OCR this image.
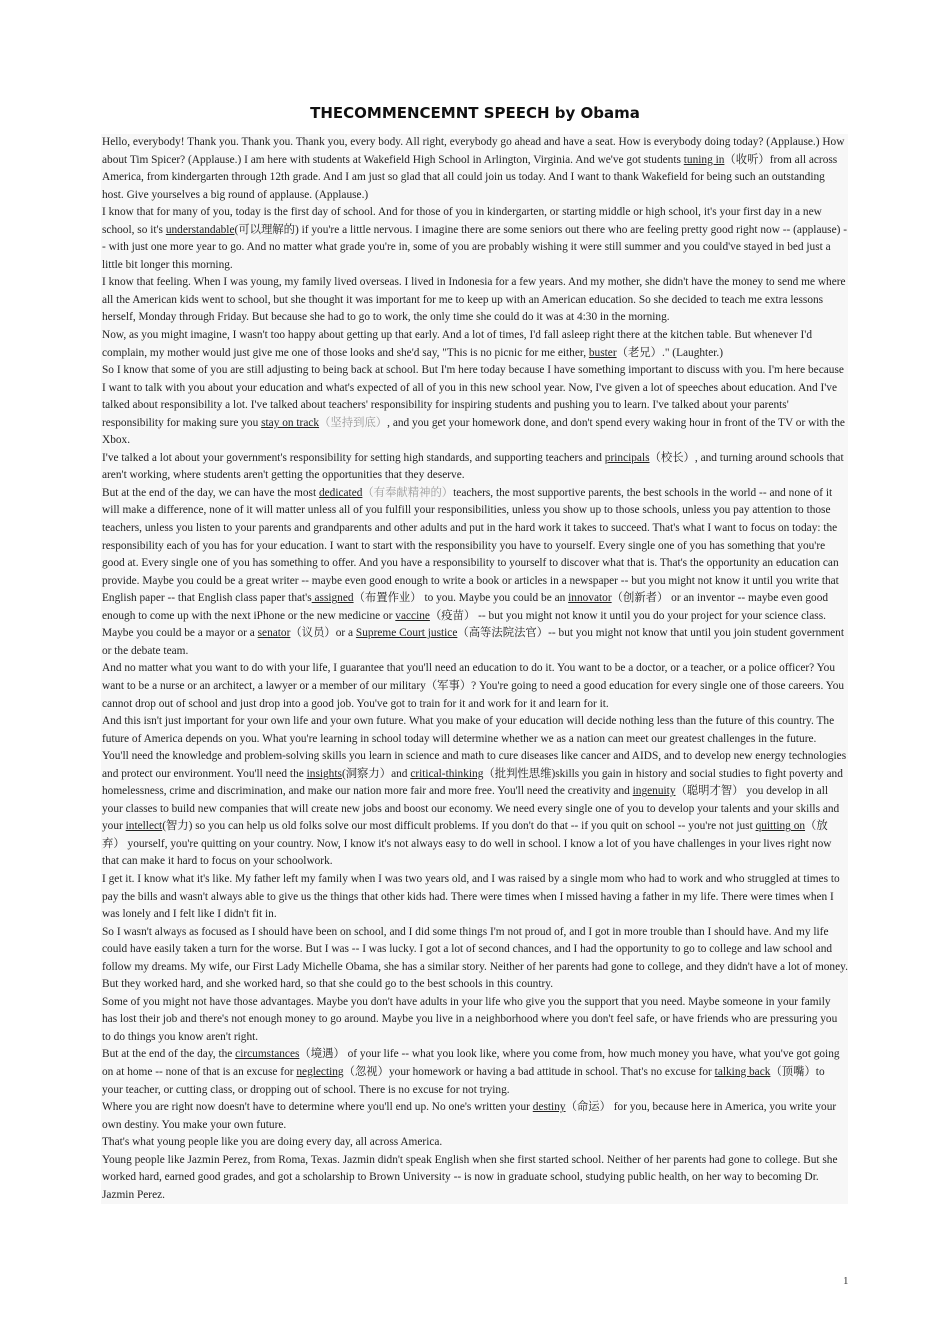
THECOMMENCEMNT SPEECH by Obama

Hello, everybody! Thank you. Thank you. Thank you, every body. All right, everybody go ahead and have a seat. How is everybody doing today? (Applause.) How about Tim Spicer? (Applause.) I am here with students at Wakefield High School in Arlington, Virginia. And we've got students tuning in（收听）from all across America, from kindergarten through 12th grade. And I am just so glad that all could join us today. And I want to thank Wakefield for being such an outstanding host. Give yourselves a big round of applause. (Applause.)

I know that for many of you, today is the first day of school. And for those of you in kindergarten, or starting middle or high school, it's your first day in a new school, so it's understandable(可以理解的) if you're a little nervous. I imagine there are some seniors out there who are feeling pretty good right now -- (applause) -- with just one more year to go. And no matter what grade you're in, some of you are probably wishing it were still summer and you could've stayed in bed just a little bit longer this morning.

I know that feeling. When I was young, my family lived overseas. I lived in Indonesia for a few years. And my mother, she didn't have the money to send me where all the American kids went to school, but she thought it was important for me to keep up with an American education. So she decided to teach me extra lessons herself, Monday through Friday. But because she had to go to work, the only time she could do it was at 4:30 in the morning.

Now, as you might imagine, I wasn't too happy about getting up that early. And a lot of times, I'd fall asleep right there at the kitchen table. But whenever I'd complain, my mother would just give me one of those looks and she'd say, "This is no picnic for me either, buster（老兄）." (Laughter.)

So I know that some of you are still adjusting to being back at school. But I'm here today because I have something important to discuss with you. I'm here because I want to talk with you about your education and what's expected of all of you in this new school year. Now, I've given a lot of speeches about education. And I've talked about responsibility a lot. I've talked about teachers' responsibility for inspiring students and pushing you to learn. I've talked about your parents' responsibility for making sure you stay on track（坚持到底）, and you get your homework done, and don't spend every waking hour in front of the TV or with the Xbox.

I've talked a lot about your government's responsibility for setting high standards, and supporting teachers and principals（校长）, and turning around schools that aren't working, where students aren't getting the opportunities that they deserve.

But at the end of the day, we can have the most dedicated（有奉献精神的）teachers, the most supportive parents, the best schools in the world -- and none of it will make a difference, none of it will matter unless all of you fulfill your responsibilities, unless you show up to those schools, unless you pay attention to those teachers, unless you listen to your parents and grandparents and other adults and put in the hard work it takes to succeed. That's what I want to focus on today: the responsibility each of you has for your education. I want to start with the responsibility you have to yourself. Every single one of you has something that you're good at. Every single one of you has something to offer. And you have a responsibility to yourself to discover what that is. That's the opportunity an education can provide. Maybe you could be a great writer -- maybe even good enough to write a book or articles in a newspaper -- but you might not know it until you write that English paper -- that English class paper that's assigned（布置作业） to you. Maybe you could be an innovator（创新者） or an inventor -- maybe even good enough to come up with the next iPhone or the new medicine or vaccine（疫苗） -- but you might not know it until you do your project for your science class. Maybe you could be a mayor or a senator（议员）or a Supreme Court justice（高等法院法官）-- but you might not know that until you join student government or the debate team.

And no matter what you want to do with your life, I guarantee that you'll need an education to do it. You want to be a doctor, or a teacher, or a police officer? You want to be a nurse or an architect, a lawyer or a member of our military（军事）? You're going to need a good education for every single one of those careers. You cannot drop out of school and just drop into a good job. You've got to train for it and work for it and learn for it.

And this isn't just important for your own life and your own future. What you make of your education will decide nothing less than the future of this country. The future of America depends on you. What you're learning in school today will determine whether we as a nation can meet our greatest challenges in the future.

You'll need the knowledge and problem-solving skills you learn in science and math to cure diseases like cancer and AIDS, and to develop new energy technologies and protect our environment. You'll need the insights(洞察力）and critical-thinking（批判性思维)skills you gain in history and social studies to fight poverty and homelessness, crime and discrimination, and make our nation more fair and more free. You'll need the creativity and ingenuity（聪明才智） you develop in all your classes to build new companies that will create new jobs and boost our economy. We need every single one of you to develop your talents and your skills and your intellect(智力) so you can help us old folks solve our most difficult problems. If you don't do that -- if you quit on school -- you're not just quitting on（放弃） yourself, you're quitting on your country. Now, I know it's not always easy to do well in school. I know a lot of you have challenges in your lives right now that can make it hard to focus on your schoolwork.

I get it. I know what it's like. My father left my family when I was two years old, and I was raised by a single mom who had to work and who struggled at times to pay the bills and wasn't always able to give us the things that other kids had. There were times when I missed having a father in my life. There were times when I was lonely and I felt like I didn't fit in.

So I wasn't always as focused as I should have been on school, and I did some things I'm not proud of, and I got in more trouble than I should have. And my life could have easily taken a turn for the worse. But I was -- I was lucky. I got a lot of second chances, and I had the opportunity to go to college and law school and follow my dreams. My wife, our First Lady Michelle Obama, she has a similar story. Neither of her parents had gone to college, and they didn't have a lot of money. But they worked hard, and she worked hard, so that she could go to the best schools in this country.

Some of you might not have those advantages. Maybe you don't have adults in your life who give you the support that you need. Maybe someone in your family has lost their job and there's not enough money to go around. Maybe you live in a neighborhood where you don't feel safe, or have friends who are pressuring you to do things you know aren't right.

But at the end of the day, the circumstances（境遇） of your life -- what you look like, where you come from, how much money you have, what you've got going on at home -- none of that is an excuse for neglecting（忽视）your homework or having a bad attitude in school. That's no excuse for talking back（顶嘴）to your teacher, or cutting class, or dropping out of school. There is no excuse for not trying.

Where you are right now doesn't have to determine where you'll end up. No one's written your destiny（命运） for you, because here in America, you write your own destiny. You make your own future.

That's what young people like you are doing every day, all across America.

Young people like Jazmin Perez, from Roma, Texas. Jazmin didn't speak English when she first started school. Neither of her parents had gone to college. But she worked hard, earned good grades, and got a scholarship to Brown University -- is now in graduate school, studying public health, on her way to becoming Dr. Jazmin Perez.

1
